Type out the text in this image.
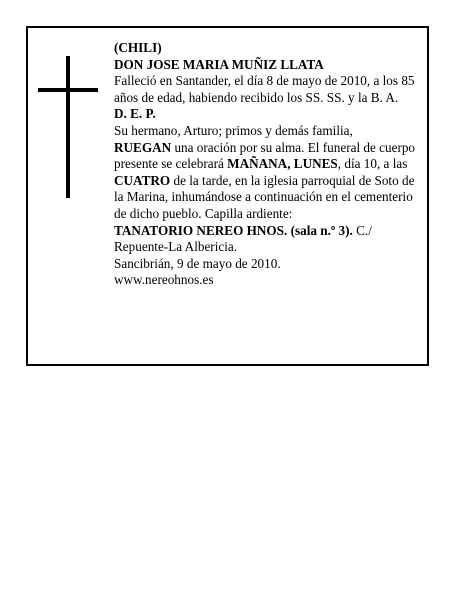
(CHILI)

DON JOSE MARIA MUÑIZ LLATA

Falleció en Santander, el día 8 de mayo de 2010, a los 85 años de edad, habiendo recibido los SS. SS. y la B. A.

D. E. P.

Su hermano, Arturo; primos y demás familia,

RUEGAN una oración por su alma. El funeral de cuerpo presente se celebrará MAÑANA, LUNES, día 10, a las CUATRO de la tarde, en la iglesia parroquial de Soto de la Marina, inhumándose a continuación en el cementerio de dicho pueblo. Capilla ardiente:

TANATORIO NEREO HNOS. (sala n.º 3). C./ Repuente-La Albericia.

Sancibrián, 9 de mayo de 2010.

www.nereohnos.es
